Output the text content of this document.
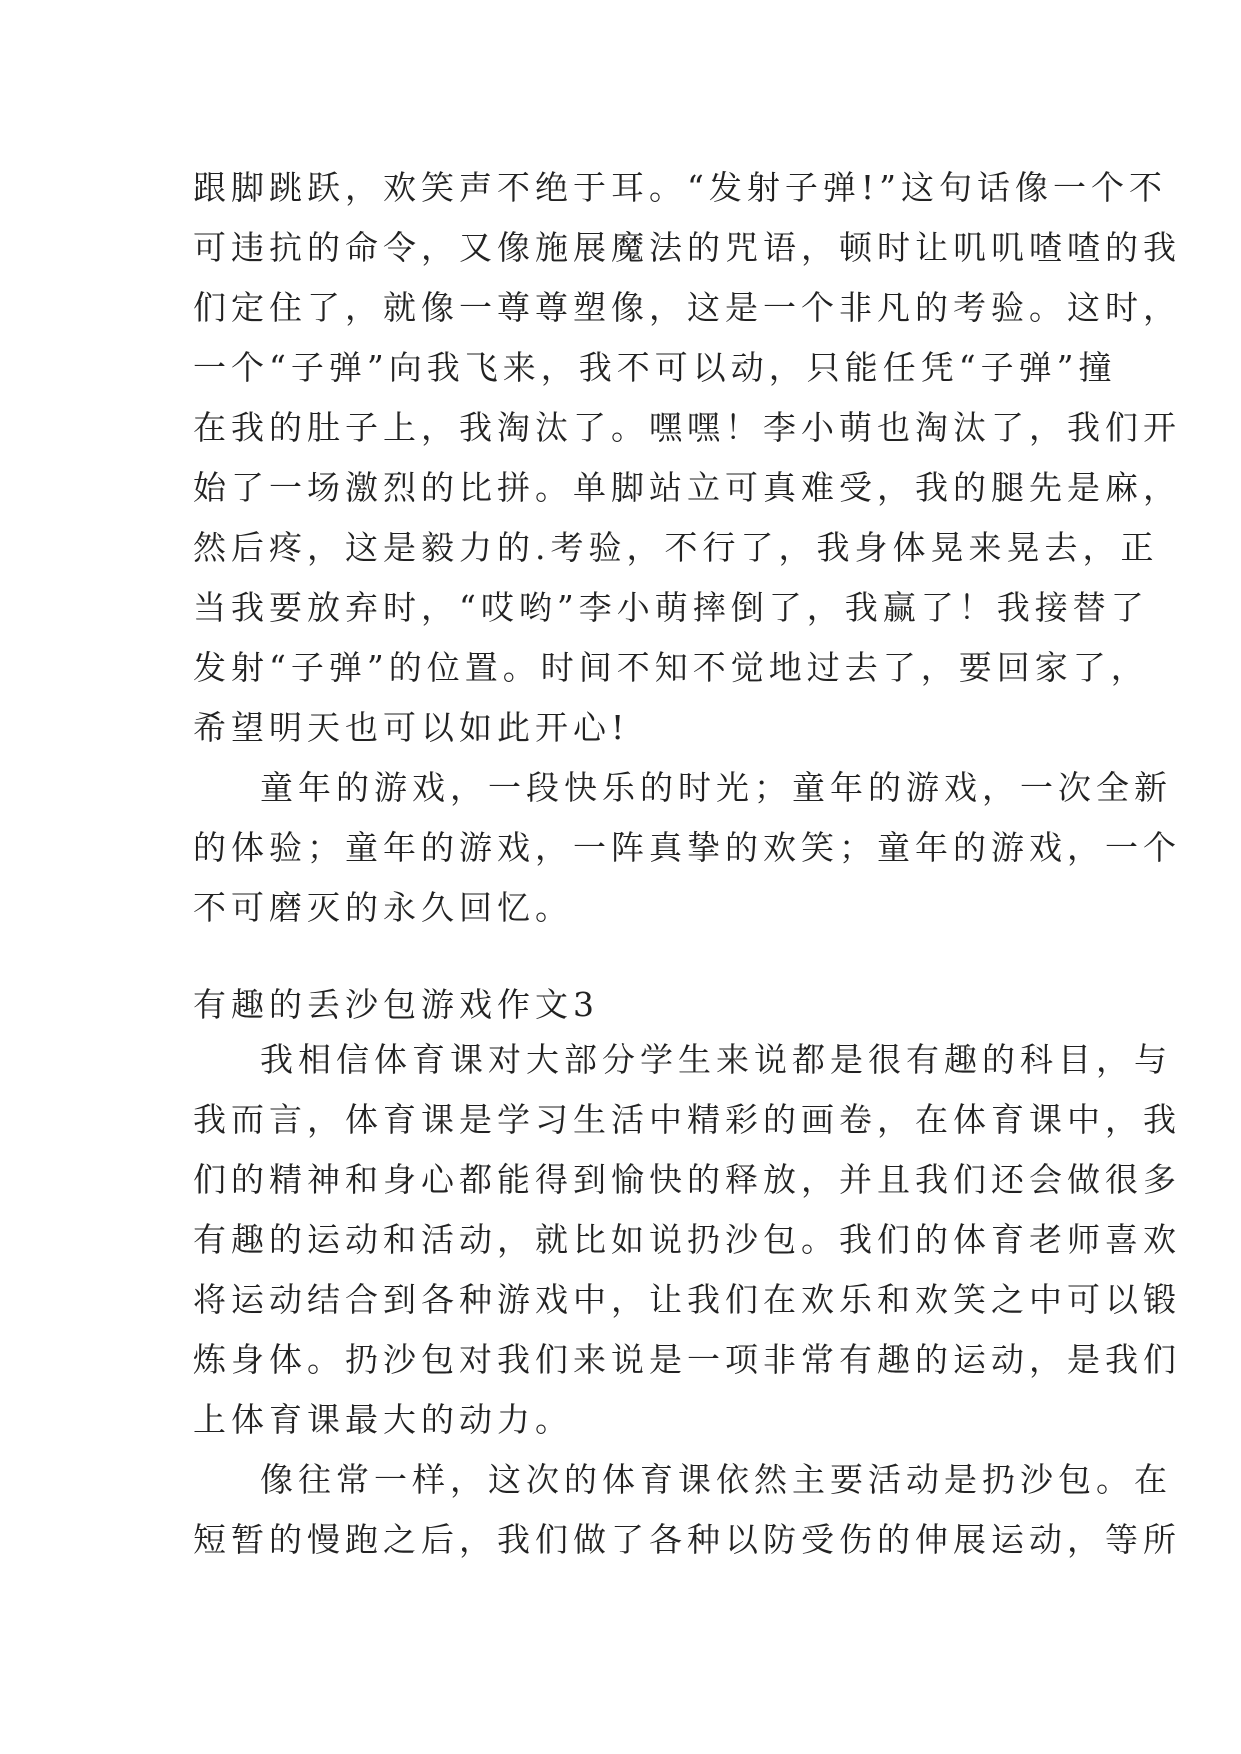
跟脚跳跃，欢笑声不绝于耳。“发射子弹!”这句话像一个不
可违抗的命令，又像施展魔法的咒语，顿时让叽叽喳喳的我
们定住了，就像一尊尊塑像，这是一个非凡的考验。这时，
一个“子弹”向我飞来，我不可以动，只能任凭“子弹”撞
在我的肚子上，我淘汰了。嘿嘿！李小萌也淘汰了，我们开
始了一场激烈的比拼。单脚站立可真难受，我的腿先是麻，
然后疼，这是毅力的.考验，不行了，我身体晃来晃去，正
当我要放弃时，“哎哟”李小萌摔倒了，我赢了！我接替了
发射“子弹”的位置。时间不知不觉地过去了，要回家了，
希望明天也可以如此开心!
童年的游戏，一段快乐的时光；童年的游戏，一次全新
的体验；童年的游戏，一阵真挚的欢笑；童年的游戏，一个
不可磨灭的永久回忆。
有趣的丢沙包游戏作文3
我相信体育课对大部分学生来说都是很有趣的科目，与
我而言，体育课是学习生活中精彩的画卷，在体育课中，我
们的精神和身心都能得到愉快的释放，并且我们还会做很多
有趣的运动和活动，就比如说扔沙包。我们的体育老师喜欢
将运动结合到各种游戏中，让我们在欢乐和欢笑之中可以锻
炼身体。扔沙包对我们来说是一项非常有趣的运动，是我们
上体育课最大的动力。
像往常一样，这次的体育课依然主要活动是扔沙包。在
短暂的慢跑之后，我们做了各种以防受伤的伸展运动，等所
